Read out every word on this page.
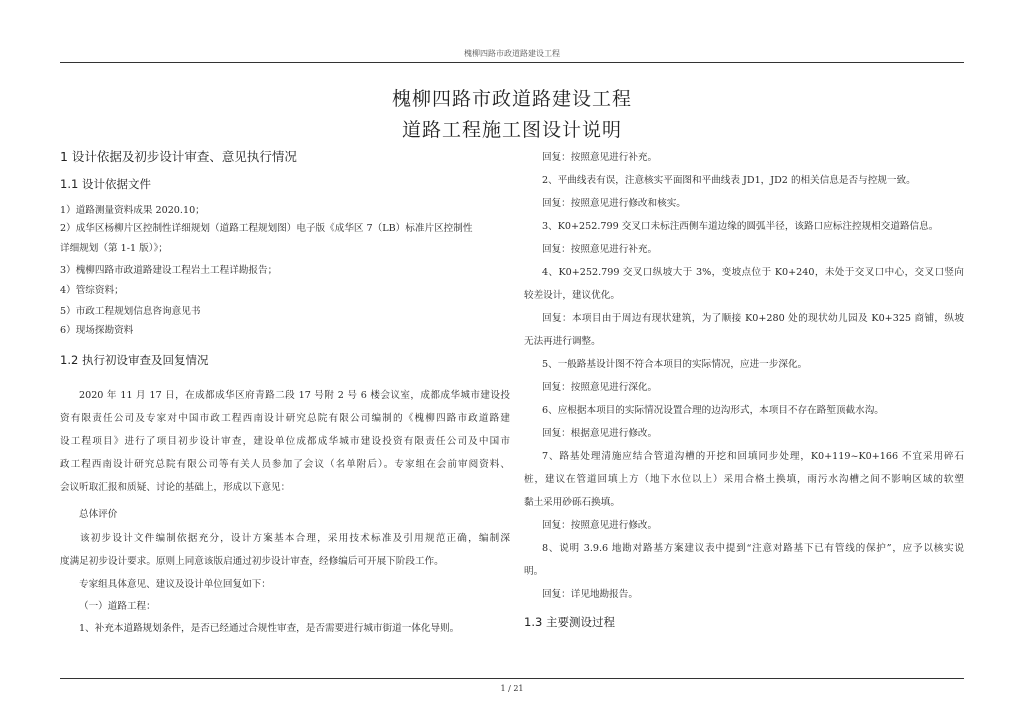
槐柳四路市政道路建设工程
槐柳四路市政道路建设工程
道路工程施工图设计说明
1 设计依据及初步设计审查、意见执行情况
1.1 设计依据文件
1）道路测量资料成果 2020.10；
2）成华区杨柳片区控制性详细规划（道路工程规划图）电子版《成华区 7（LB）标准片区控制性
详细规划（第 1-1 版）》；
3）槐柳四路市政道路建设工程岩土工程详勘报告；
4）管综资料；
5）市政工程规划信息咨询意见书
6）现场探勘资料
1.2 执行初设审查及回复情况
2020 年 11 月 17 日，在成都成华区府青路二段 17 号附 2 号 6 楼会议室，成都成华城市建设投
资有限责任公司及专家对中国市政工程西南设计研究总院有限公司编制的《槐柳四路市政道路建
设工程项目》进行了项目初步设计审查，建设单位成都成华城市建设投资有限责任公司及中国市
政工程西南设计研究总院有限公司等有关人员参加了会议（名单附后）。专家组在会前审阅资料、
会议听取汇报和质疑、讨论的基础上，形成以下意见：
总体评价
该初步设计文件编制依据充分，设计方案基本合理，采用技术标准及引用规范正确，编制深
度满足初步设计要求。原则上同意该版启通过初步设计审查，经修编后可开展下阶段工作。
专家组具体意见、建议及设计单位回复如下：
（一）道路工程：
1、补充本道路规划条件，是否已经通过合规性审查，是否需要进行城市街道一体化导则。
回复：按照意见进行补充。
2、平曲线表有误，注意核实平面图和平曲线表 JD1，JD2 的相关信息是否与控规一致。
回复：按照意见进行修改和核实。
3、K0+252.799 交叉口未标注西侧车道边缘的圆弧半径，该路口应标注控规相交道路信息。
回复：按照意见进行补充。
4、K0+252.799 交叉口纵坡大于 3%，变坡点位于 K0+240，未处于交叉口中心，交叉口竖向
较差设计，建议优化。
回复：本项目由于周边有现状建筑，为了顺接 K0+280 处的现状幼儿园及 K0+325 商铺，纵坡
无法再进行调整。
5、一般路基设计图不符合本项目的实际情况，应进一步深化。
回复：按照意见进行深化。
6、应根据本项目的实际情况设置合理的边沟形式，本项目不存在路堑顶截水沟。
回复：根据意见进行修改。
7、路基处理清施应结合管道沟槽的开挖和回填同步处理，K0+119~K0+166 不宜采用碎石
桩，建议在管道回填上方（地下水位以上）采用合格土换填，雨污水沟槽之间不影响区域的软塑
黏土采用砂砾石换填。
回复：按照意见进行修改。
8、说明 3.9.6 地勘对路基方案建议表中提到“注意对路基下已有管线的保护”，应予以核实说
明。
回复：详见地勘报告。
1.3 主要测设过程
1 / 21
